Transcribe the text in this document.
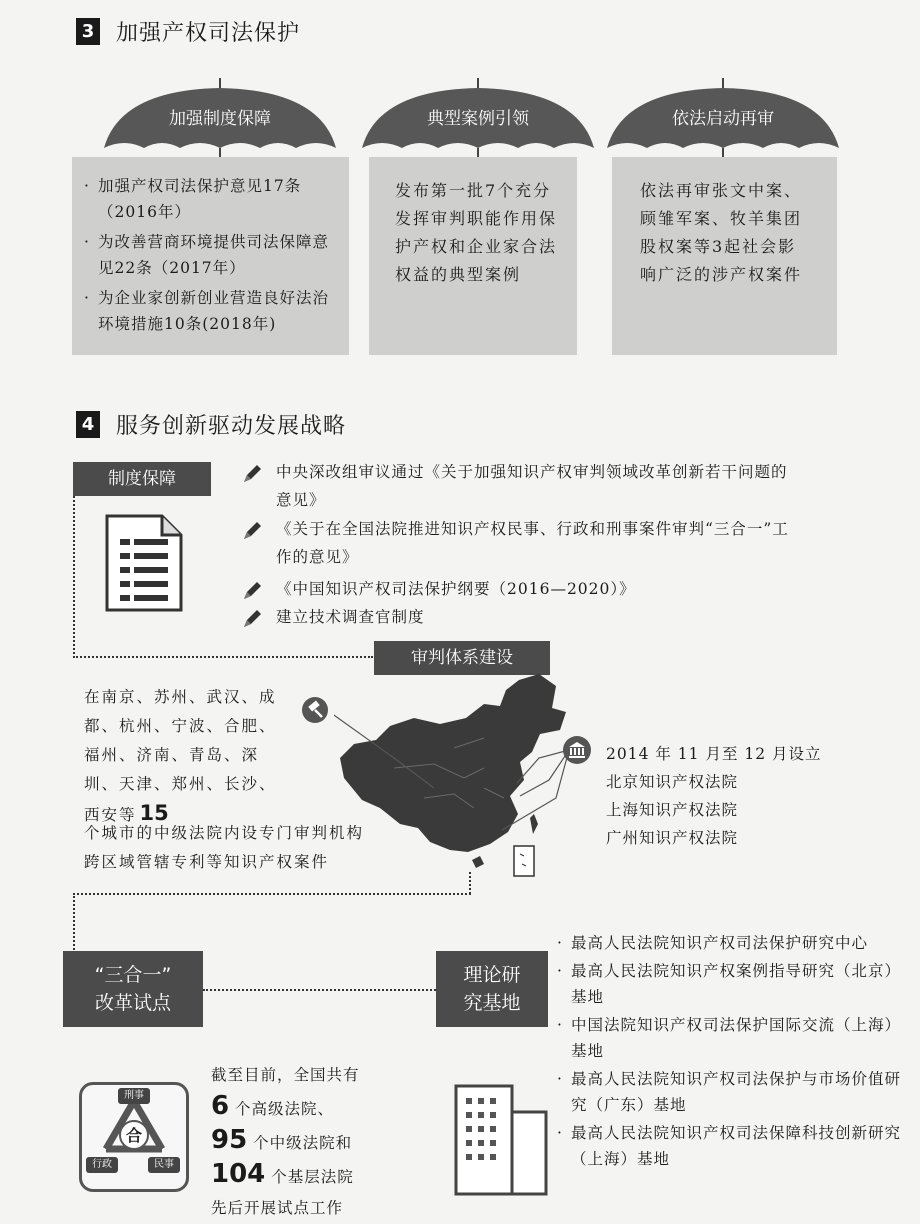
3 加强产权司法保护
加强制度保障	典型案例引领	依法启动再审
· 加强产权司法保护意见17条（2016年）
· 为改善营商环境提供司法保障意见22条（2017年）
· 为企业家创新创业营造良好法治环境措施10条(2018年)
发布第一批7个充分发挥审判职能作用保护产权和企业家合法权益的典型案例
依法再审张文中案、顾雏军案、牧羊集团股权案等3起社会影响广泛的涉产权案件
4 服务创新驱动发展战略
制度保障	中央深改组审议通过《关于加强知识产权审判领域改革创新若干问题的意见》
《关于在全国法院推进知识产权民事、行政和刑事案件审判“三合一”工作的意见》
《中国知识产权司法保护纲要（2016—2020）》
建立技术调查官制度
审判体系建设
在南京、苏州、武汉、成都、杭州、宁波、合肥、福州、济南、青岛、深圳、天津、郑州、长沙、西安等 15
个城市的中级法院内设专门审判机构跨区域管辖专利等知识产权案件
2014 年 11 月至 12 月设立
北京知识产权法院
上海知识产权法院
广州知识产权法院
“三合一”
改革试点
理论研
究基地
· 最高人民法院知识产权司法保护研究中心
· 最高人民法院知识产权案例指导研究（北京）基地
· 中国法院知识产权司法保护国际交流（上海）基地
· 最高人民法院知识产权司法保护与市场价值研究（广东）基地
· 最高人民法院知识产权司法保障科技创新研究（上海）基地
合
刑事
行政	民事
截至目前，全国共有
6 个高级法院、
95 个中级法院和
104 个基层法院
先后开展试点工作
